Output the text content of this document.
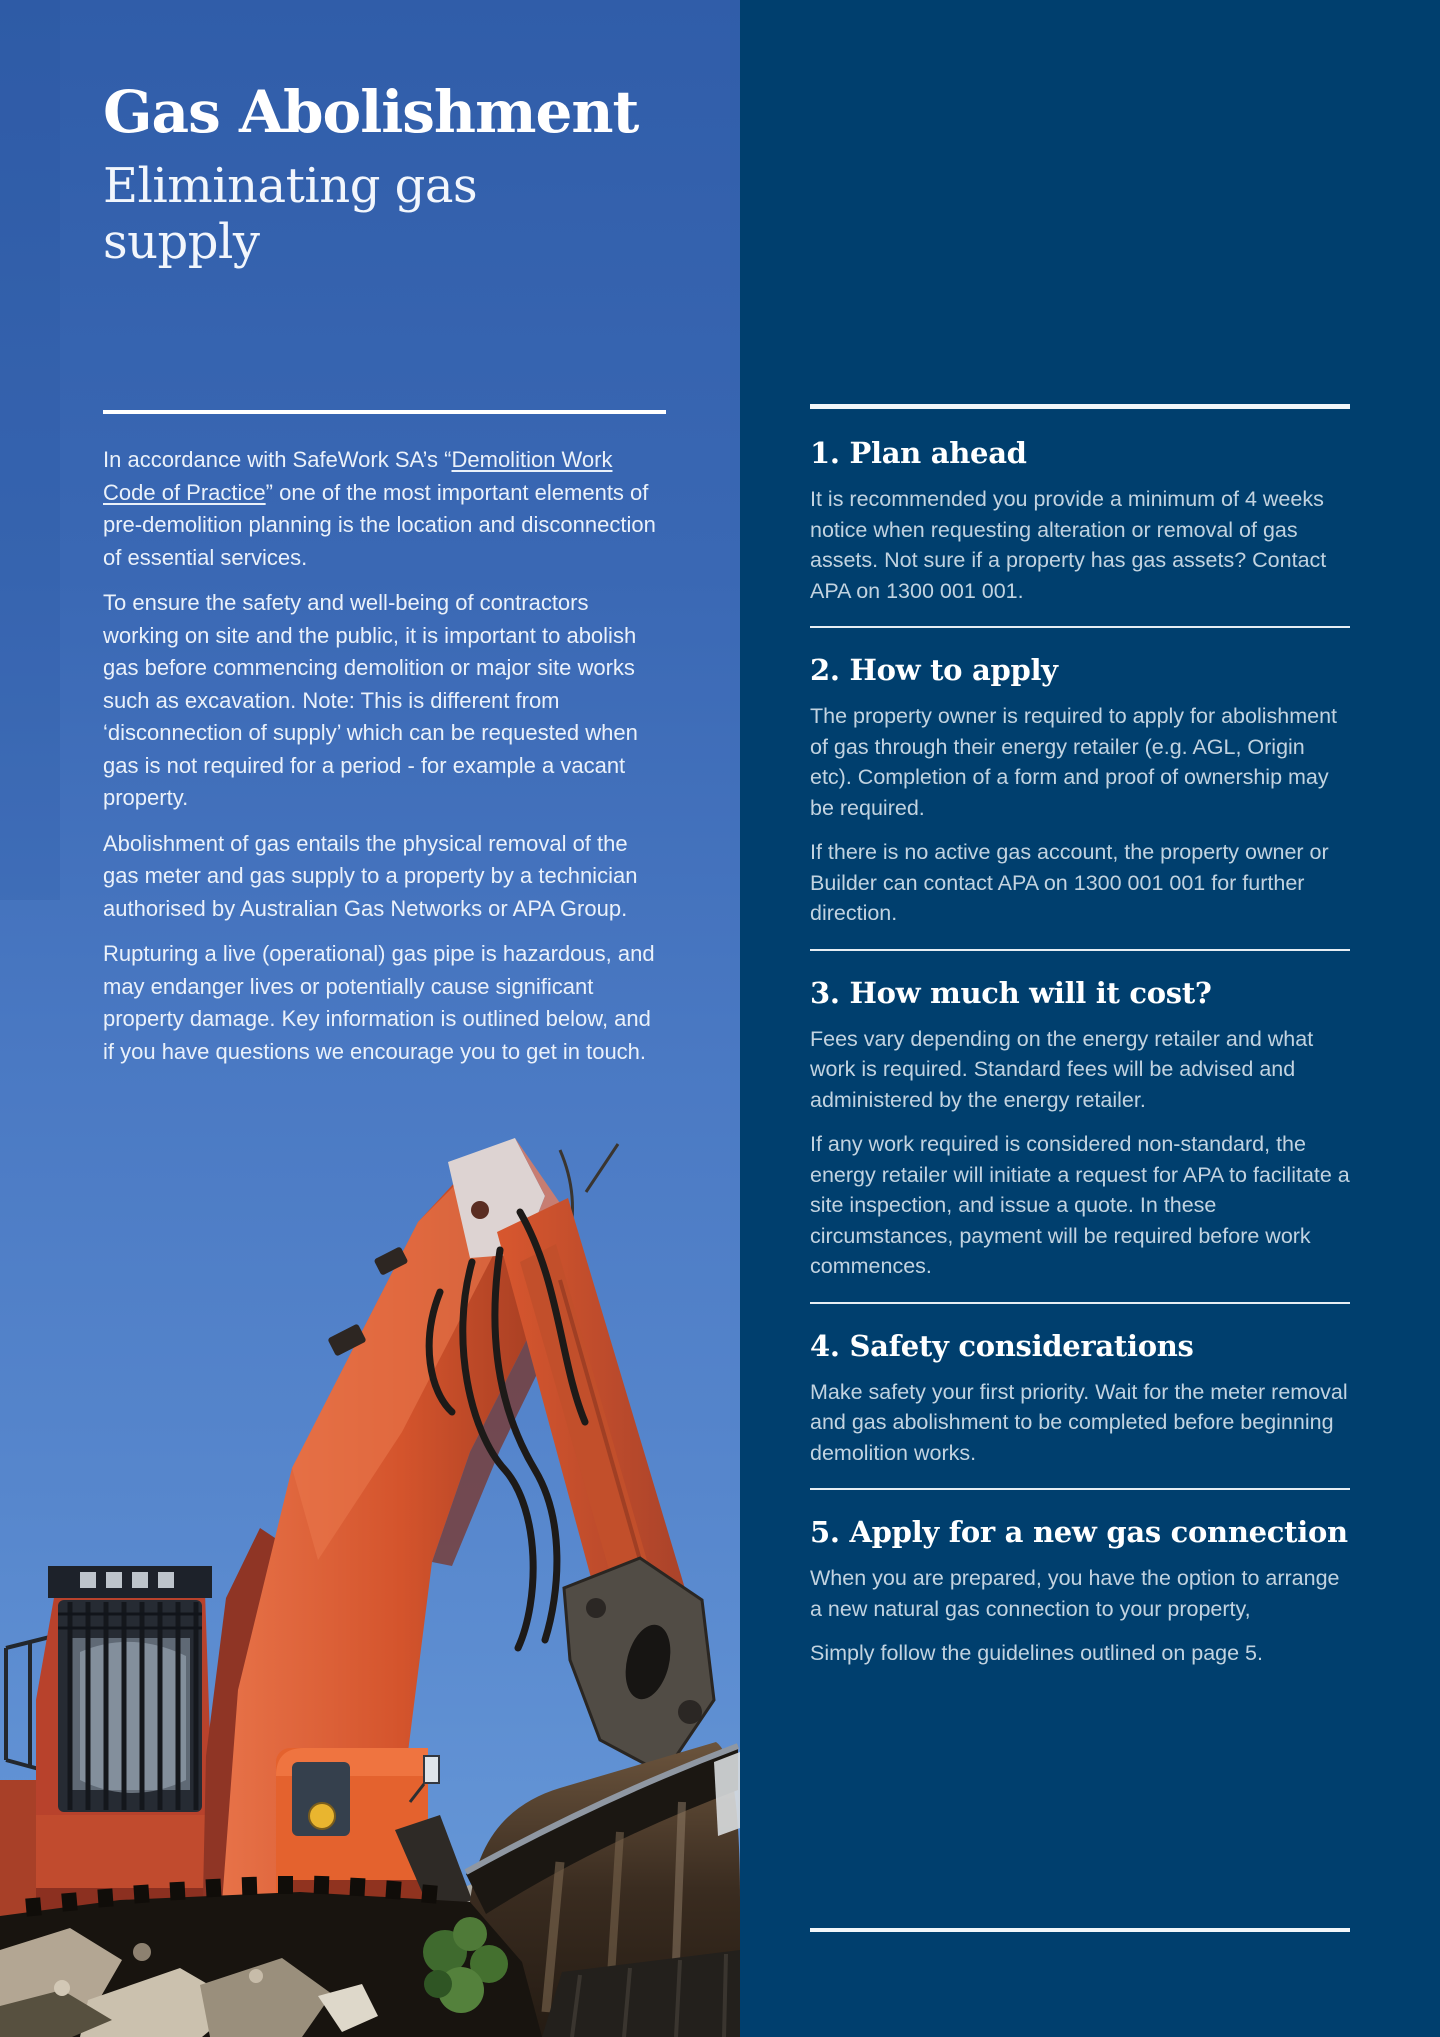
Gas Abolishment
Eliminating gas supply

In accordance with SafeWork SA’s “Demolition Work Code of Practice” one of the most important elements of pre-demolition planning is the location and disconnection of essential services.

To ensure the safety and well-being of contractors working on site and the public, it is important to abolish gas before commencing demolition or major site works such as excavation. Note: This is different from ‘disconnection of supply’ which can be requested when gas is not required for a period - for example a vacant property.

Abolishment of gas entails the physical removal of the gas meter and gas supply to a property by a technician authorised by Australian Gas Networks or APA Group.

Rupturing a live (operational) gas pipe is hazardous, and may endanger lives or potentially cause significant property damage. Key information is outlined below, and if you have questions we encourage you to get in touch.

1. Plan ahead

It is recommended you provide a minimum of 4 weeks notice when requesting alteration or removal of gas assets. Not sure if a property has gas assets? Contact APA on 1300 001 001.

2. How to apply

The property owner is required to apply for abolishment of gas through their energy retailer (e.g. AGL, Origin etc). Completion of a form and proof of ownership may be required.

If there is no active gas account, the property owner or Builder can contact APA on 1300 001 001 for further direction.

3. How much will it cost?

Fees vary depending on the energy retailer and what work is required. Standard fees will be advised and administered by the energy retailer.

If any work required is considered non-standard, the energy retailer will initiate a request for APA to facilitate a site inspection, and issue a quote. In these circumstances, payment will be required before work commences.

4. Safety considerations

Make safety your first priority. Wait for the meter removal and gas abolishment to be completed before beginning demolition works.

5. Apply for a new gas connection

When you are prepared, you have the option to arrange a new natural gas connection to your property,

Simply follow the guidelines outlined on page 5.
